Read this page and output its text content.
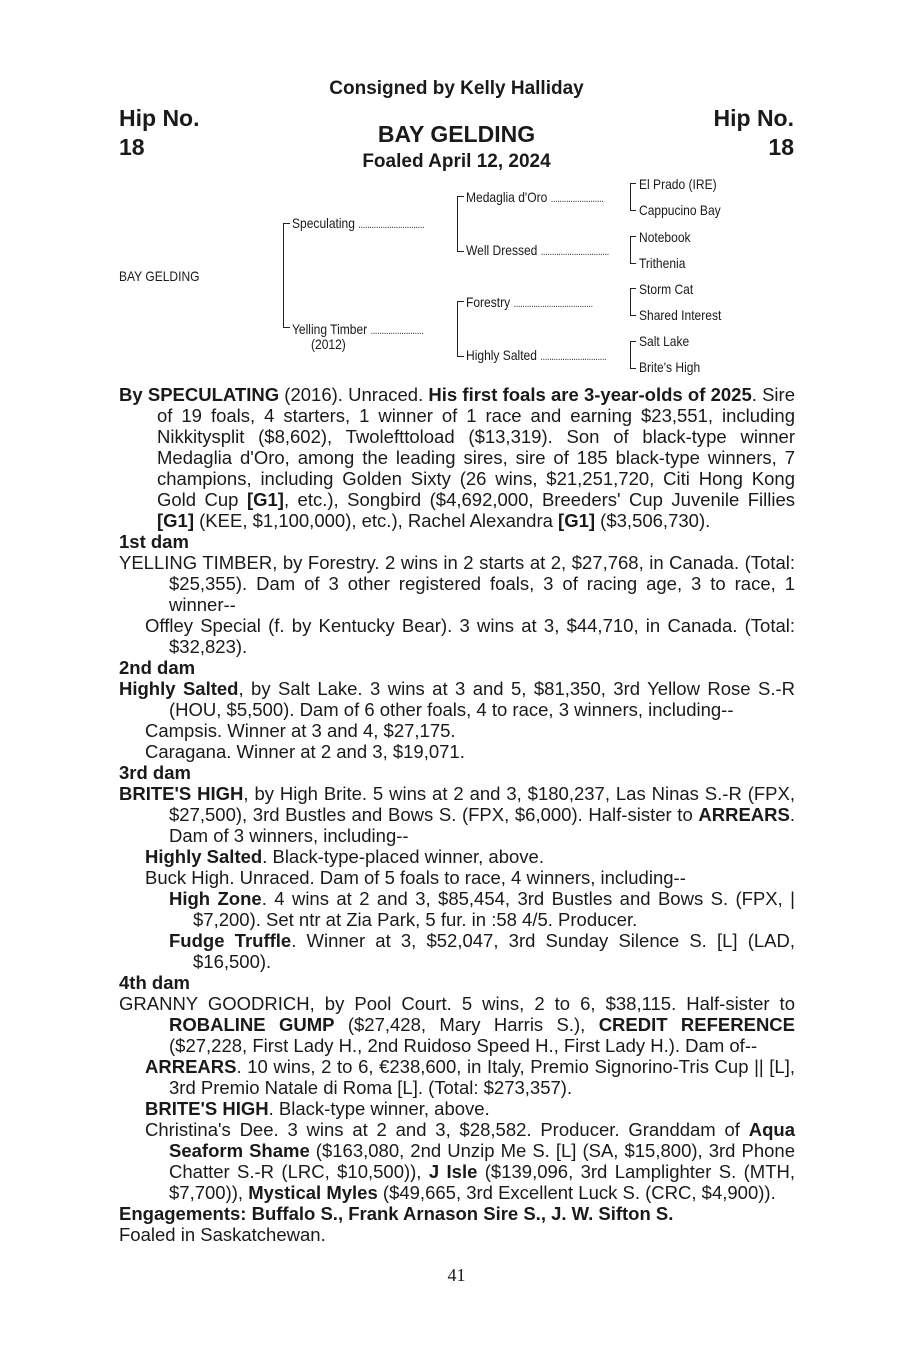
Consigned by Kelly Halliday
Hip No.
18
Hip No.
18
BAY GELDING
Foaled April 12, 2024
BAY GELDING
Speculating ..............................
Yelling Timber ........................
(2012)
Medaglia d'Oro ........................
Well Dressed ...............................
Forestry ....................................
Highly Salted ..............................
El Prado (IRE)
Cappucino Bay
Notebook
Trithenia
Storm Cat
Shared Interest
Salt Lake
Brite's High
By SPECULATING (2016). Unraced. His first foals are 3-year-olds of 2025. Sire of 19 foals, 4 starters, 1 winner of 1 race and earning $23,551, including Nikkitysplit ($8,602), Twolefttoload ($13,319). Son of black-type winner Medaglia d'Oro, among the leading sires, sire of 185 black-type winners, 7 champions, including Golden Sixty (26 wins, $21,251,720, Citi Hong Kong Gold Cup [G1], etc.), Songbird ($4,692,000, Breeders' Cup Juvenile Fillies [G1] (KEE, $1,100,000), etc.), Rachel Alexandra [G1] ($3,506,730).
1st dam
YELLING TIMBER, by Forestry. 2 wins in 2 starts at 2, $27,768, in Canada. (Total: $25,355). Dam of 3 other registered foals, 3 of racing age, 3 to race, 1 winner--
Offley Special (f. by Kentucky Bear). 3 wins at 3, $44,710, in Canada. (Total: $32,823).
2nd dam
Highly Salted, by Salt Lake. 3 wins at 3 and 5, $81,350, 3rd Yellow Rose S.-R (HOU, $5,500). Dam of 6 other foals, 4 to race, 3 winners, including--
Campsis. Winner at 3 and 4, $27,175.
Caragana. Winner at 2 and 3, $19,071.
3rd dam
BRITE'S HIGH, by High Brite. 5 wins at 2 and 3, $180,237, Las Ninas S.-R (FPX, $27,500), 3rd Bustles and Bows S. (FPX, $6,000). Half-sister to ARREARS. Dam of 3 winners, including--
Highly Salted. Black-type-placed winner, above.
Buck High. Unraced. Dam of 5 foals to race, 4 winners, including--
High Zone. 4 wins at 2 and 3, $85,454, 3rd Bustles and Bows S. (FPX, | $7,200). Set ntr at Zia Park, 5 fur. in :58 4/5. Producer.
Fudge Truffle. Winner at 3, $52,047, 3rd Sunday Silence S. [L] (LAD, $16,500).
4th dam
GRANNY GOODRICH, by Pool Court. 5 wins, 2 to 6, $38,115. Half-sister to ROBALINE GUMP ($27,428, Mary Harris S.), CREDIT REFERENCE ($27,228, First Lady H., 2nd Ruidoso Speed H., First Lady H.). Dam of--
ARREARS. 10 wins, 2 to 6, €238,600, in Italy, Premio Signorino-Tris Cup || [L], 3rd Premio Natale di Roma [L]. (Total: $273,357).
BRITE'S HIGH. Black-type winner, above.
Christina's Dee. 3 wins at 2 and 3, $28,582. Producer. Granddam of Aqua Seaform Shame ($163,080, 2nd Unzip Me S. [L] (SA, $15,800), 3rd Phone Chatter S.-R (LRC, $10,500)), J Isle ($139,096, 3rd Lamplighter S. (MTH, $7,700)), Mystical Myles ($49,665, 3rd Excellent Luck S. (CRC, $4,900)).
Engagements: Buffalo S., Frank Arnason Sire S., J. W. Sifton S.
Foaled in Saskatchewan.
41
